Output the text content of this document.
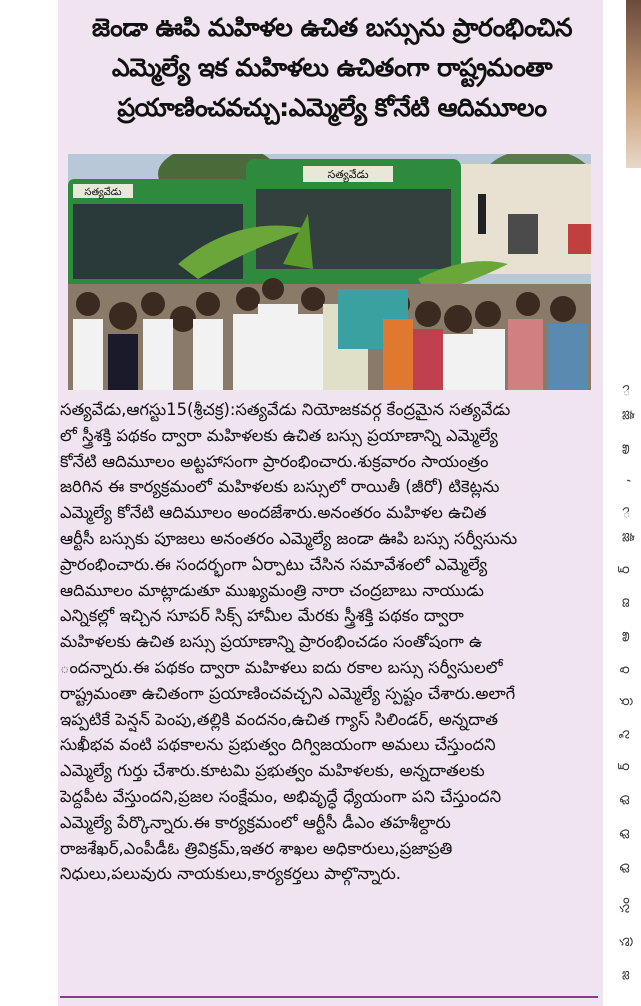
జెండా ఊపి మహిళల ఉచిత బస్సును ప్రారంభించిన
ఎమ్మెల్యే ఇక మహిళలు ఉచితంగా రాష్ట్రమంతా
ప్రయాణించవచ్చు:ఎమ్మెల్యే కోనేటి ఆదిమూలం
సత్యవేడు
సత్యవేడు
సత్యవేడు,ఆగస్టు15(శ్రీచక్ర):సత్యవేడు నియోజకవర్గ కేంద్రమైన సత్యవేడు
లో స్త్రీశక్తి పథకం ద్వారా మహిళలకు ఉచిత బస్సు ప్రయాణాన్ని ఎమ్మెల్యే
కోనేటి ఆదిమూలం అట్టహాసంగా ప్రారంభించారు.శుక్రవారం సాయంత్రం
జరిగిన ఈ కార్యక్రమంలో మహిళలకు బస్సులో రాయితీ (జీరో) టికెట్లను
ఎమ్మెల్యే కోనేటి ఆదిమూలం అందజేశారు.అనంతరం మహిళల ఉచిత
ఆర్టీసీ బస్సుకు పూజలు అనంతరం ఎమ్మెల్యే జండా ఊపి బస్సు సర్వీసును
ప్రారంభించారు.ఈ సందర్భంగా ఏర్పాటు చేసిన సమావేశంలో ఎమ్మెల్యే
ఆదిమూలం మాట్లాడుతూ ముఖ్యమంత్రి నారా చంద్రబాబు నాయుడు
ఎన్నికల్లో ఇచ్చిన సూపర్ సిక్స్ హామీల మేరకు స్త్రీశక్తి పథకం ద్వారా
మహిళలకు ఉచిత బస్సు ప్రయాణాన్ని ప్రారంభించడం సంతోషంగా ఉ
ందన్నారు.ఈ పథకం ద్వారా మహిళలు ఐదు రకాల బస్సు సర్వీసులలో
రాష్ట్రమంతా ఉచితంగా ప్రయాణించవచ్చని ఎమ్మెల్యే స్పష్టం చేశారు.అలాగే
ఇప్పటికే పెన్షన్ పెంపు,తల్లికి వందనం,ఉచిత గ్యాస్ సిలిండర్, అన్నదాత
సుఖీభవ వంటి పథకాలను ప్రభుత్వం దిగ్విజయంగా అమలు చేస్తుందని
ఎమ్మెల్యే గుర్తు చేశారు.కూటమి ప్రభుత్వం మహిళలకు, అన్నదాతలకు
పెద్దపీట వేస్తుందని,ప్రజల సంక్షేమం, అభివృద్ధే ధ్యేయంగా పని చేస్తుందని
ఎమ్మెల్యే పేర్కొన్నారు.ఈ కార్యక్రమంలో ఆర్టీసీ డీఎం తహశీల్దారు
రాజశేఖర్,ఎంపీడీఓ త్రివిక్రమ్,ఇతర శాఖల అధికారులు,ప్రజాప్రతి
నిధులు,పలువురు నాయకులు,కార్యకర్తలు పాల్గొన్నారు.	జ ప్ర సం బి బి బి ర్ సి ర్ర రి ఆ ఐ ర్ జ్ఞ ు , ఆ జ్ఞ ు
